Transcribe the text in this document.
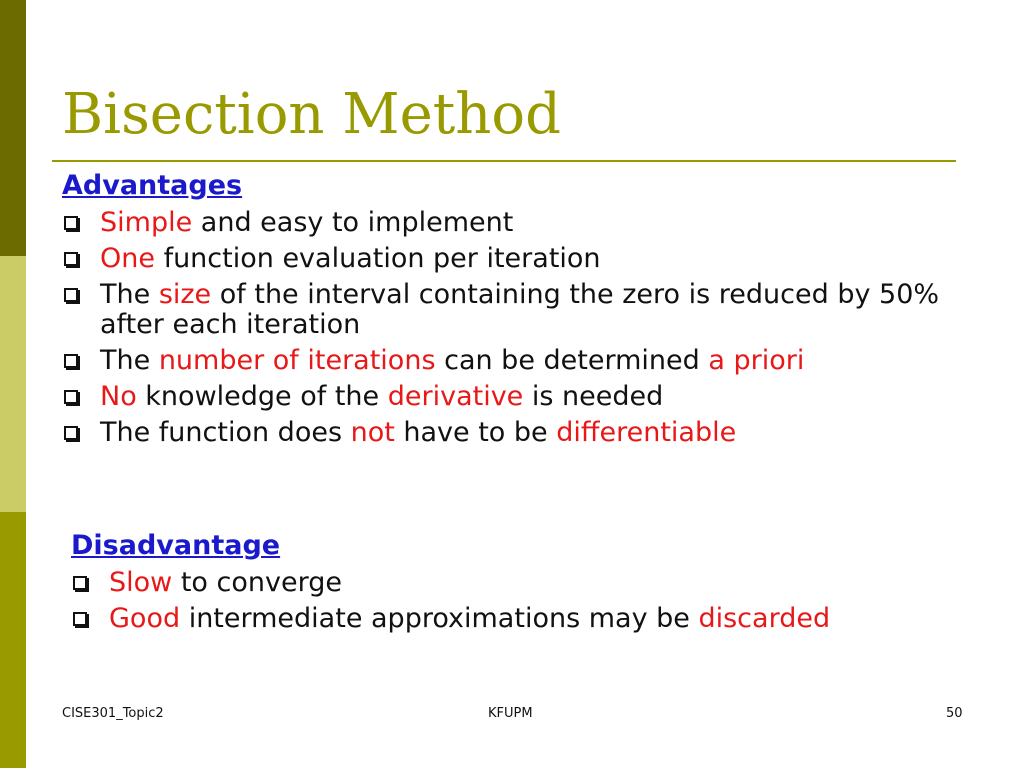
Bisection Method
Advantages
Simple and easy to implement
One function evaluation per iteration
The size of the interval containing the zero is reduced by 50% after each iteration
The number of iterations can be determined a priori
No knowledge of the derivative is needed
The function does not have to be differentiable
Disadvantage
Slow to converge
Good intermediate approximations may be discarded
CISE301_Topic2	KFUPM	50
